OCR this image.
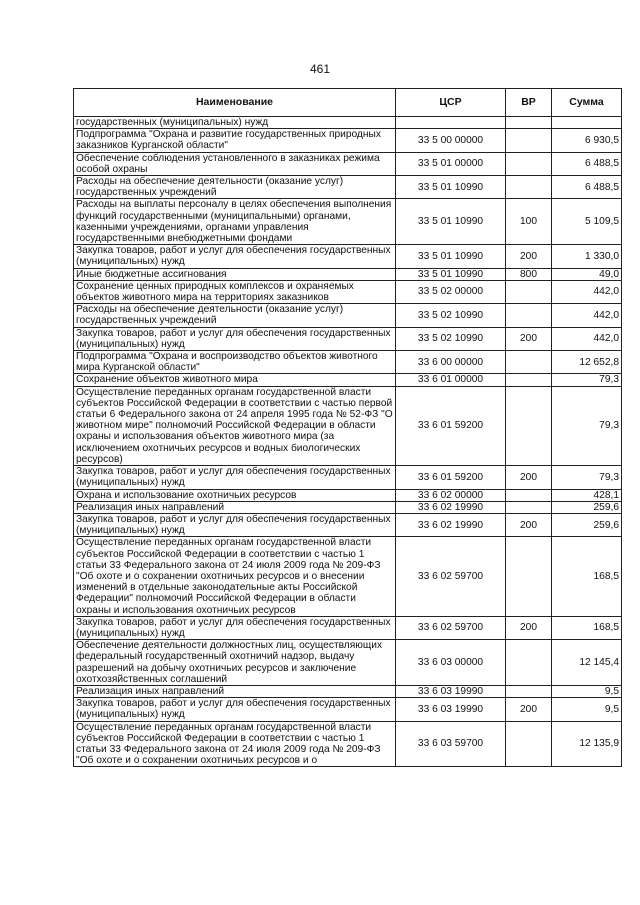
461
Наименование	ЦСР	ВР	Сумма
государственных (муниципальных) нужд			
Подпрограмма "Охрана и развитие государственных природных заказников Курганской области"	33 5 00 00000		6 930,5
Обеспечение соблюдения установленного в заказниках режима особой охраны	33 5 01 00000		6 488,5
Расходы на обеспечение деятельности (оказание услуг) государственных учреждений	33 5 01 10990		6 488,5
Расходы на выплаты персоналу в целях обеспечения выполнения функций государственными (муниципальными) органами, казенными учреждениями, органами управления государственными внебюджетными фондами	33 5 01 10990	100	5 109,5
Закупка товаров, работ и услуг для обеспечения государственных (муниципальных) нужд	33 5 01 10990	200	1 330,0
Иные бюджетные ассигнования	33 5 01 10990	800	49,0
Сохранение ценных природных комплексов и охраняемых объектов животного мира на территориях заказников	33 5 02 00000		442,0
Расходы на обеспечение деятельности (оказание услуг) государственных учреждений	33 5 02 10990		442,0
Закупка товаров, работ и услуг для обеспечения государственных (муниципальных) нужд	33 5 02 10990	200	442,0
Подпрограмма "Охрана и воспроизводство объектов животного мира Курганской области"	33 6 00 00000		12 652,8
Сохранение объектов животного мира	33 6 01 00000		79,3
Осуществление переданных органам государственной власти субъектов Российской Федерации в соответствии с частью первой статьи 6 Федерального закона от 24 апреля 1995 года № 52-ФЗ "О животном мире" полномочий Российской Федерации в области охраны и использования объектов животного мира (за исключением охотничьих ресурсов и водных биологических ресурсов)	33 6 01 59200		79,3
Закупка товаров, работ и услуг для обеспечения государственных (муниципальных) нужд	33 6 01 59200	200	79,3
Охрана и использование охотничьих ресурсов	33 6 02 00000		428,1
Реализация иных направлений	33 6 02 19990		259,6
Закупка товаров, работ и услуг для обеспечения государственных (муниципальных) нужд	33 6 02 19990	200	259,6
Осуществление переданных органам государственной власти субъектов Российской Федерации в соответствии с частью 1 статьи 33 Федерального закона от 24 июля 2009 года № 209-ФЗ "Об охоте и о сохранении охотничьих ресурсов и о внесении изменений в отдельные законодательные акты Российской Федерации" полномочий Российской Федерации в области охраны и использования охотничьих ресурсов	33 6 02 59700		168,5
Закупка товаров, работ и услуг для обеспечения государственных (муниципальных) нужд	33 6 02 59700	200	168,5
Обеспечение деятельности должностных лиц, осуществляющих федеральный государственный охотничий надзор, выдачу разрешений на добычу охотничьих ресурсов и заключение охотхозяйственных соглашений	33 6 03 00000		12 145,4
Реализация иных направлений	33 6 03 19990		9,5
Закупка товаров, работ и услуг для обеспечения государственных (муниципальных) нужд	33 6 03 19990	200	9,5
Осуществление переданных органам государственной власти субъектов Российской Федерации в соответствии с частью 1 статьи 33 Федерального закона от 24 июля 2009 года № 209-ФЗ "Об охоте и о сохранении охотничьих ресурсов и о	33 6 03 59700		12 135,9
